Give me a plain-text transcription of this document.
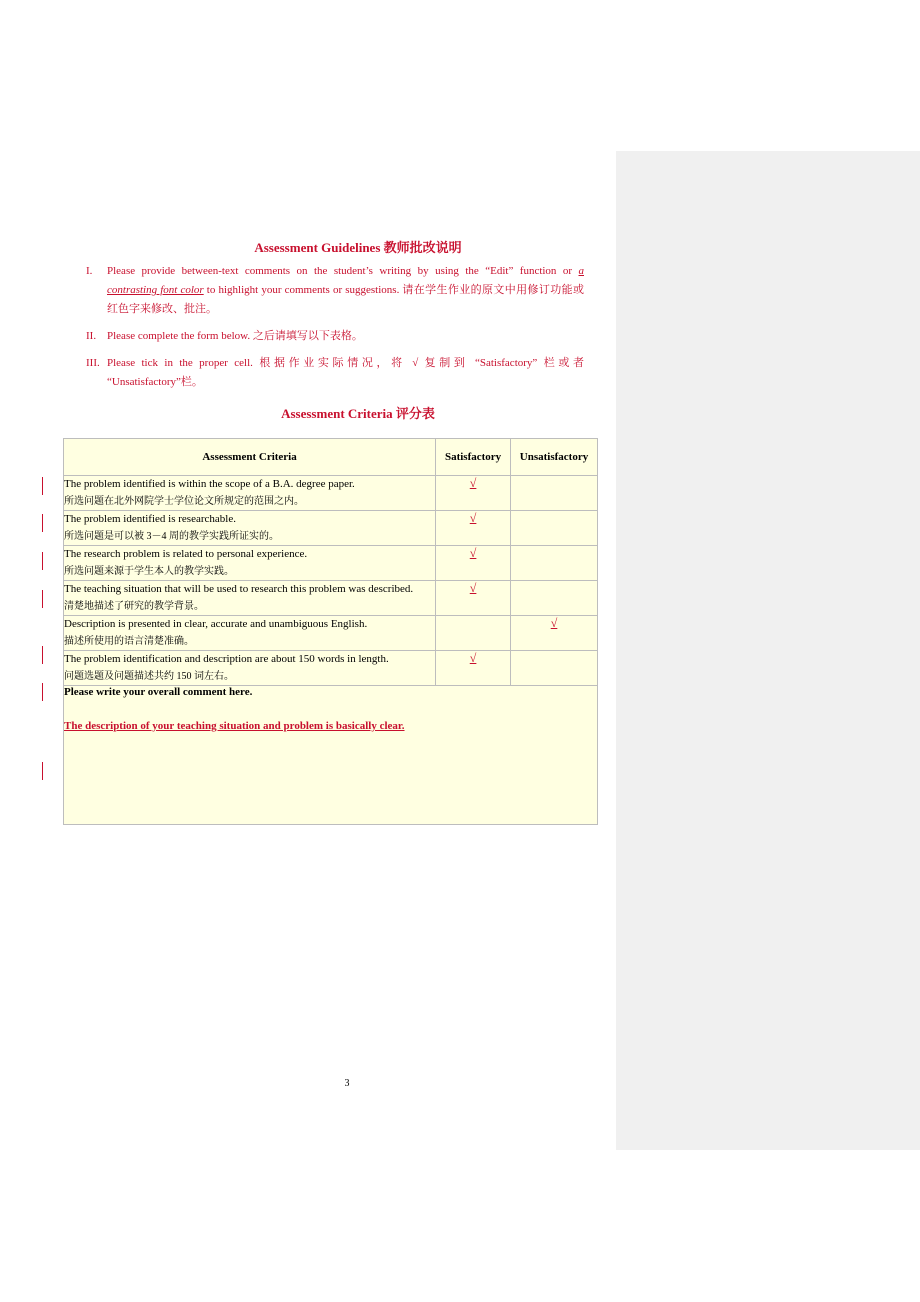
Assessment Guidelines 教师批改说明
I. Please provide between-text comments on the student’s writing by using the “Edit” function or a contrasting font color to highlight your comments or suggestions. 请在学生作业的原文中用修订功能或红色字来修改、批注。
II. Please complete the form below. 之后请填写以下表格。
III. Please tick in the proper cell. 根据作业实际情况，将 √ 复制到 “Satisfactory” 栏或者 “Unsatisfactory”栏。
Assessment Criteria 评分表
Assessment Criteria	Satisfactory	Unsatisfactory

The problem identified is within the scope of a B.A. degree paper.
所选问题在北外网院学士学位论文所规定的范围之内。	√	

The problem identified is researchable.
所选问题是可以被 3－4 周的教学实践所证实的。	√	

The research problem is related to personal experience.
所选问题来源于学生本人的教学实践。	√	

The teaching situation that will be used to research this problem was described.
清楚地描述了研究的教学背景。	√	

Description is presented in clear, accurate and unambiguous English.
描述所使用的语言清楚准确。		√

The problem identification and description are about 150 words in length.
问题选题及问题描述共约 150 词左右。	√	

Please write your overall comment here.
The description of your teaching situation and problem is basically clear.		
3
